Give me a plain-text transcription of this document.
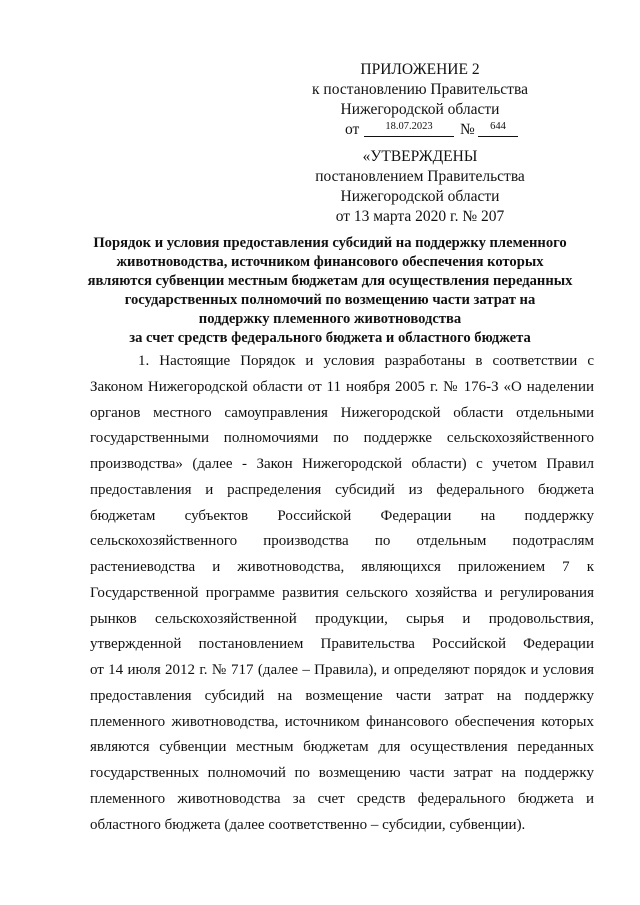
ПРИЛОЖЕНИЕ 2
к постановлению Правительства
Нижегородской области
от	18.07.2023	№	644
«УТВЕРЖДЕНЫ
постановлением Правительства
Нижегородской области
от 13 марта 2020 г. № 207
Порядок и условия предоставления субсидий на поддержку племенного
животноводства, источником финансового обеспечения которых
являются субвенции местным бюджетам для осуществления переданных
государственных полномочий по возмещению части затрат на
поддержку племенного животноводства
за счет средств федерального бюджета и областного бюджета
1. Настоящие Порядок и условия разработаны в соответствии с
Законом Нижегородской области от 11 ноября 2005 г. № 176-З «О наделении
органов местного самоуправления Нижегородской области отдельными
государственными полномочиями по поддержке сельскохозяйственного
производства» (далее - Закон Нижегородской области) с учетом Правил
предоставления и распределения субсидий из федерального бюджета
бюджетам субъектов Российской Федерации на поддержку
сельскохозяйственного производства по отдельным подотраслям
растениеводства и животноводства, являющихся приложением 7 к
Государственной программе развития сельского хозяйства и регулирования
рынков сельскохозяйственной продукции, сырья и продовольствия,
утвержденной постановлением Правительства Российской Федерации
от 14 июля 2012 г. № 717 (далее – Правила), и определяют порядок и условия
предоставления субсидий на возмещение части затрат на поддержку
племенного животноводства, источником финансового обеспечения которых
являются субвенции местным бюджетам для осуществления переданных
государственных полномочий по возмещению части затрат на поддержку
племенного животноводства за счет средств федерального бюджета и
областного бюджета (далее соответственно – субсидии, субвенции).
